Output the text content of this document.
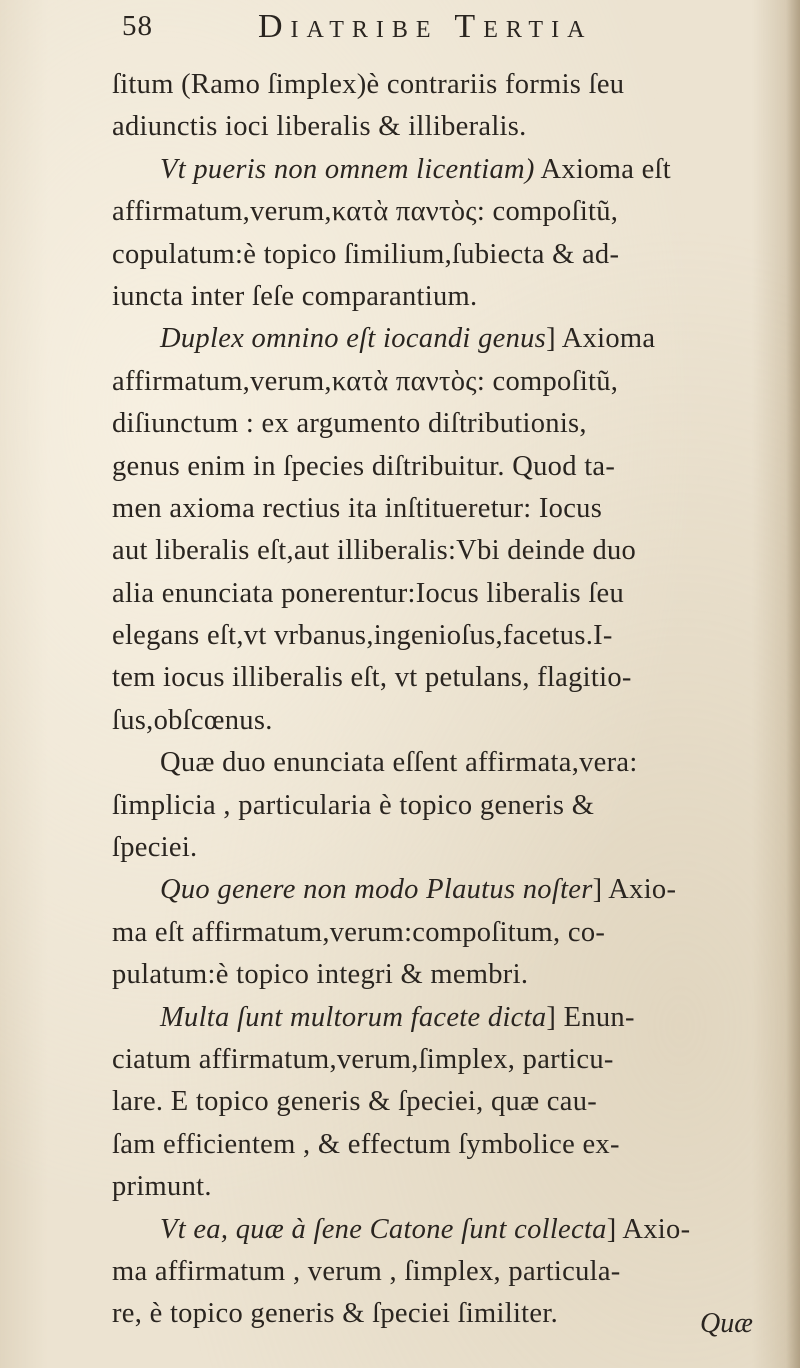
58	Diatribe Tertia
ſitum (Ramo ſimplex)è contrariis formis ſeu
adiunctis ioci liberalis & illiberalis.
Vt pueris non omnem licentiam) Axioma eſt
affirmatum,verum,κατὰ παντὸς: compoſitũ,
copulatum:è topico ſimilium,ſubiecta & ad-
iuncta inter ſeſe comparantium.
Duplex omnino eſt iocandi genus] Axioma
affirmatum,verum,κατὰ παντὸς: compoſitũ,
diſiunctum : ex argumento diſtributionis,
genus enim in ſpecies diſtribuitur. Quod ta-
men axioma rectius ita inſtitueretur: Iocus
aut liberalis eſt,aut illiberalis:Vbi deinde duo
alia enunciata ponerentur:Iocus liberalis ſeu
elegans eſt,vt vrbanus,ingenioſus,facetus.I-
tem iocus illiberalis eſt, vt petulans, flagitio-
ſus,obſcœnus.
Quæ duo enunciata eſſent affirmata,vera:
ſimplicia , particularia è topico generis &
ſpeciei.
Quo genere non modo Plautus noſter] Axio-
ma eſt affirmatum,verum:compoſitum, co-
pulatum:è topico integri & membri.
Multa ſunt multorum facete dicta] Enun-
ciatum affirmatum,verum,ſimplex, particu-
lare. E topico generis & ſpeciei, quæ cau-
ſam efficientem , & effectum ſymbolice ex-
primunt.
Vt ea, quæ à ſene Catone ſunt collecta] Axio-
ma affirmatum , verum , ſimplex, particula-
re, è topico generis & ſpeciei ſimiliter.	Quæ
